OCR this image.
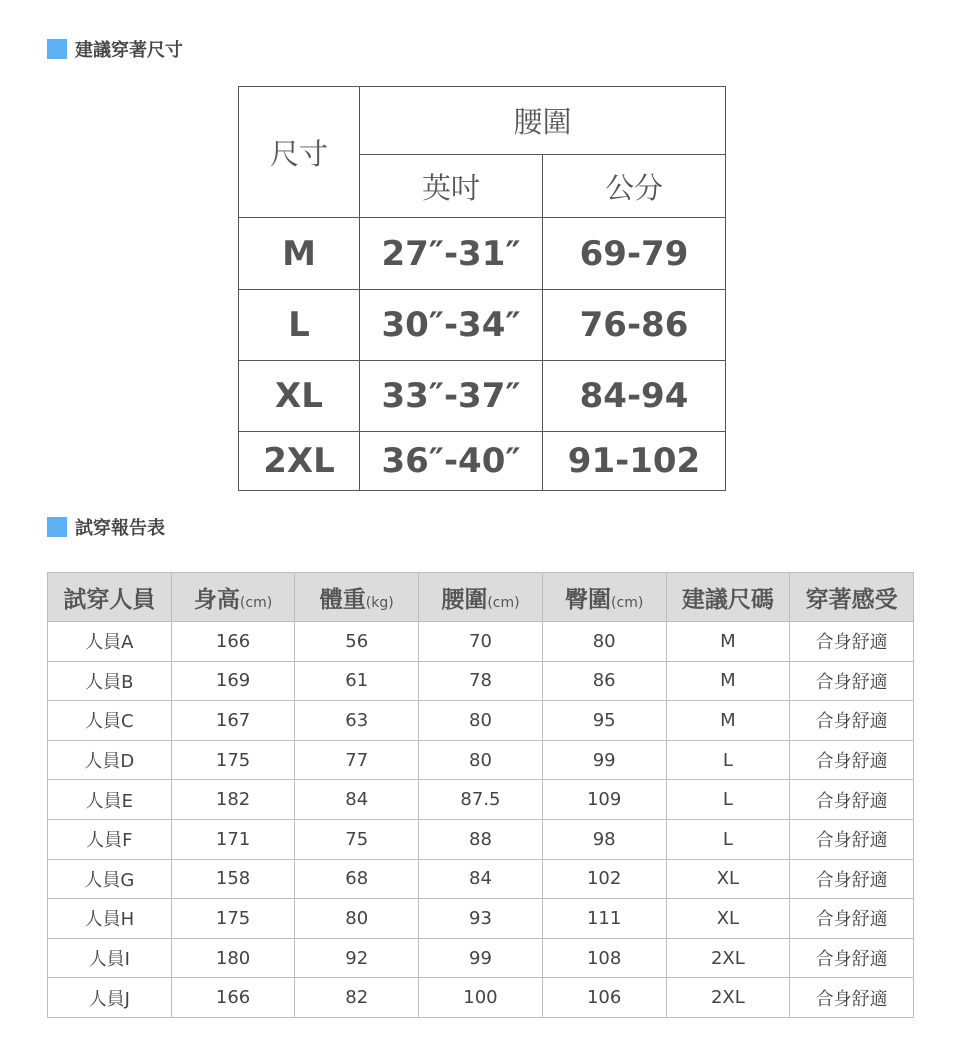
建議穿著尺寸
尺寸	腰圍	
	英吋	公分
M	27″-31″	69-79
L	30″-34″	76-86
XL	33″-37″	84-94
2XL	36″-40″	91-102
試穿報告表
試穿人員	身高(cm)	體重(kg)	腰圍(cm)	臀圍(cm)	建議尺碼	穿著感受
人員A	166	56	70	80	M	合身舒適
人員B	169	61	78	86	M	合身舒適
人員C	167	63	80	95	M	合身舒適
人員D	175	77	80	99	L	合身舒適
人員E	182	84	87.5	109	L	合身舒適
人員F	171	75	88	98	L	合身舒適
人員G	158	68	84	102	XL	合身舒適
人員H	175	80	93	111	XL	合身舒適
人員I	180	92	99	108	2XL	合身舒適
人員J	166	82	100	106	2XL	合身舒適
